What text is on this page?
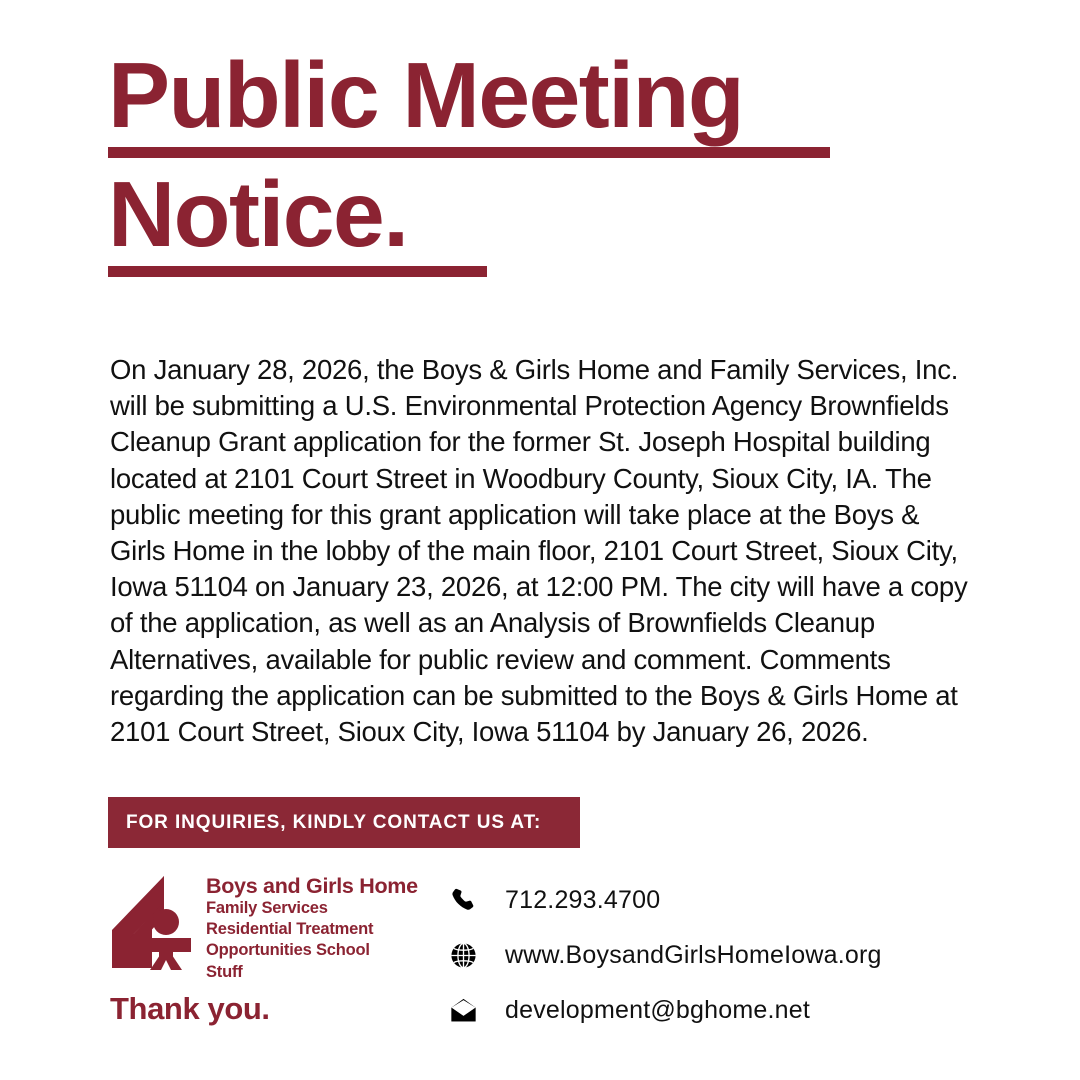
Public Meeting
Notice.
On January 28, 2026, the Boys & Girls Home and Family Services, Inc. will be submitting a U.S. Environmental Protection Agency Brownfields Cleanup Grant application for the former St. Joseph Hospital building located at 2101 Court Street in Woodbury County, Sioux City, IA. The public meeting for this grant application will take place at the Boys & Girls Home in the lobby of the main floor, 2101 Court Street, Sioux City, Iowa 51104 on January 23, 2026, at 12:00 PM. The city will have a copy of the application, as well as an Analysis of Brownfields Cleanup Alternatives, available for public review and comment. Comments regarding the application can be submitted to the Boys & Girls Home at 2101 Court Street, Sioux City, Iowa 51104 by January 26, 2026.
FOR INQUIRIES, KINDLY CONTACT US AT:
Boys and Girls Home
Family Services
Residential Treatment
Opportunities School
Stuff
Thank you.
712.293.4700
www.BoysandGirlsHomeIowa.org
development@bghome.net
